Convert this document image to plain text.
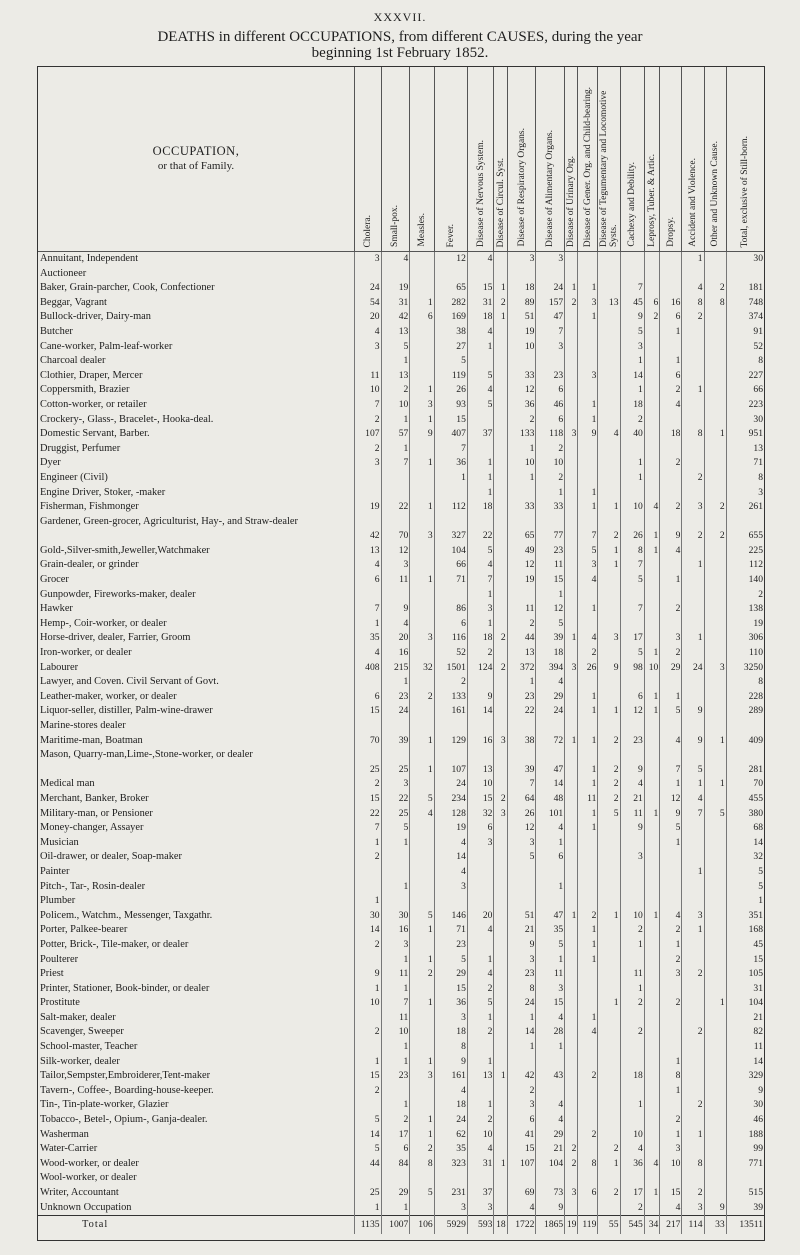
XXXVII.
DEATHS in different OCCUPATIONS, from different CAUSES, during the year
beginning 1st February 1852.
OCCUPATION,
or that of Family.	Cholera.	Small-pox.	Measles.	Fever.	Disease of Nervous System.	Disease of Circul. Syst.	Disease of Respiratory Organs.	Disease of Alimentary Organs.	Disease of Urinary Org.	Disease of Gener. Org. and Child-bearing.	Disease of Tegumentary and Locomotive Systs.	Cachexy and Debility.	Leprosy, Tuber. & Artic.	Dropsy.	Accident and Violence.	Other and Unknown Cause.	Total, exclusive of Still-born.

Annuitant, Independent	3	4		12	4		3	3							1		30
Auctioneer																	
Baker, Grain-parcher, Cook, Confectioner	24	19		65	15	1	18	24	1	1		7			4	2	181
Beggar, Vagrant	54	31	1	282	31	2	89	157	2	3	13	45	6	16	8	8	748
Bullock-driver, Dairy-man	20	42	6	169	18	1	51	47		1		9	2	6	2		374
Butcher	4	13		38	4		19	7				5		1			91
Cane-worker, Palm-leaf-worker	3	5		27	1		10	3				3					52
Charcoal dealer		1		5								1		1			8
Clothier, Draper, Mercer	11	13		119	5		33	23		3		14		6			227
Coppersmith, Brazier	10	2	1	26	4		12	6				1		2	1		66
Cotton-worker, or retailer	7	10	3	93	5		36	46		1		18		4			223
Crockery-, Glass-, Bracelet-, Hooka-deal.	2	1	1	15			2	6		1		2					30
Domestic Servant, Barber.	107	57	9	407	37		133	118	3	9	4	40		18	8	1	951
Druggist, Perfumer	2	1		7			1	2									13
Dyer	3	7	1	36	1		10	10				1		2			71
Engineer (Civil)				1	1		1	2				1			2		8
Engine Driver, Stoker, -maker					1			1		1							3
Fisherman, Fishmonger	19	22	1	112	18		33	33		1	1	10	4	2	3	2	261
Gardener, Green-grocer, Agriculturist, Hay-, and Straw-dealer	42	70	3	327	22		65	77		7	2	26	1	9	2	2	655
Gold-,Silver-smith,Jeweller,Watchmaker	13	12		104	5		49	23		5	1	8	1	4			225
Grain-dealer, or grinder	4	3		66	4		12	11		3	1	7			1		112
Grocer	6	11	1	71	7		19	15		4		5		1			140
Gunpowder, Fireworks-maker, dealer					1			1									2
Hawker	7	9		86	3		11	12		1		7		2			138
Hemp-, Coir-worker, or dealer	1	4		6	1		2	5									19
Horse-driver, dealer, Farrier, Groom	35	20	3	116	18	2	44	39	1	4	3	17		3	1		306
Iron-worker, or dealer	4	16		52	2		13	18		2		5	1	2			110
Labourer	408	215	32	1501	124	2	372	394	3	26	9	98	10	29	24	3	3250
Lawyer, and Coven. Civil Servant of Govt.		1		2			1	4									8
Leather-maker, worker, or dealer	6	23	2	133	9		23	29		1		6	1	1			228
Liquor-seller, distiller, Palm-wine-drawer	15	24		161	14		22	24		1	1	12	1	5	9		289
Marine-stores dealer																	
Maritime-man, Boatman	70	39	1	129	16	3	38	72	1	1	2	23		4	9	1	409
Mason, Quarry-man,Lime-,Stone-worker, or dealer	25	25	1	107	13		39	47		1	2	9		7	5		281
Medical man	2	3		24	10		7	14		1	2	4		1	1	1	70
Merchant, Banker, Broker	15	22	5	234	15	2	64	48		11	2	21		12	4		455
Military-man, or Pensioner	22	25	4	128	32	3	26	101		1	5	11	1	9	7	5	380
Money-changer, Assayer	7	5		19	6		12	4		1		9		5			68
Musician	1	1		4	3		3	1						1			14
Oil-drawer, or dealer, Soap-maker	2			14			5	6				3					32
Painter				4											1		5
Pitch-, Tar-, Rosin-dealer		1		3				1									5
Plumber	1																1
Policem., Watchm., Messenger, Taxgathr.	30	30	5	146	20		51	47	1	2	1	10	1	4	3		351
Porter, Palkee-bearer	14	16	1	71	4		21	35		1		2		2	1		168
Potter, Brick-, Tile-maker, or dealer	2	3		23			9	5		1		1		1			45
Poulterer		1	1	5	1		3	1		1				2			15
Priest	9	11	2	29	4		23	11				11		3	2		105
Printer, Stationer, Book-binder, or dealer	1	1		15	2		8	3				1					31
Prostitute	10	7	1	36	5		24	15			1	2		2		1	104
Salt-maker, dealer		11		3	1		1	4		1							21
Scavenger, Sweeper	2	10		18	2		14	28		4		2			2		82
School-master, Teacher		1		8			1	1									11
Silk-worker, dealer	1	1	1	9	1									1			14
Tailor,Sempster,Embroiderer,Tent-maker	15	23	3	161	13	1	42	43		2		18		8			329
Tavern-, Coffee-, Boarding-house-keeper.	2			4			2							1			9
Tin-, Tin-plate-worker, Glazier		1		18	1		3	4				1			2		30
Tobacco-, Betel-, Opium-, Ganja-dealer.	5	2	1	24	2		6	4						2			46
Washerman	14	17	1	62	10		41	29		2		10		1	1		188
Water-Carrier	5	6	2	35	4		15	21	2		2	4		3			99
Wood-worker, or dealer	44	84	8	323	31	1	107	104	2	8	1	36	4	10	8		771
Wool-worker, or dealer																	
Writer, Accountant	25	29	5	231	37		69	73	3	6	2	17	1	15	2		515
Unknown Occupation	1	1		3	3		4	9				2		4	3	9	39
Total	1135	1007	106	5929	593	18	1722	1865	19	119	55	545	34	217	114	33	13511
